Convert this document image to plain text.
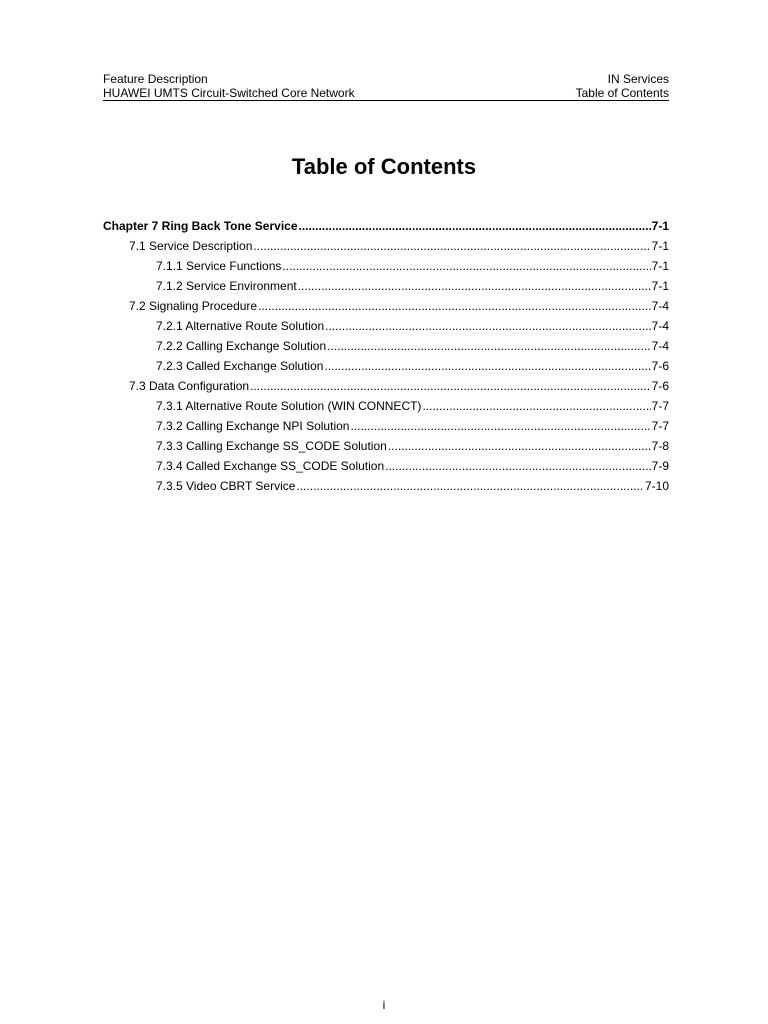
Feature Description	IN Services
HUAWEI UMTS Circuit-Switched Core Network	Table of Contents
Table of Contents
Chapter 7 Ring Back Tone Service .....	7-1
7.1 Service Description .....	7-1
7.1.1 Service Functions .....	7-1
7.1.2 Service Environment .....	7-1
7.2 Signaling Procedure .....	7-4
7.2.1 Alternative Route Solution .....	7-4
7.2.2 Calling Exchange Solution .....	7-4
7.2.3 Called Exchange Solution .....	7-6
7.3 Data Configuration .....	7-6
7.3.1 Alternative Route Solution (WIN CONNECT) .....	7-7
7.3.2 Calling Exchange NPI Solution .....	7-7
7.3.3 Calling Exchange SS_CODE Solution .....	7-8
7.3.4 Called Exchange SS_CODE Solution .....	7-9
7.3.5 Video CBRT Service .....	7-10
i
